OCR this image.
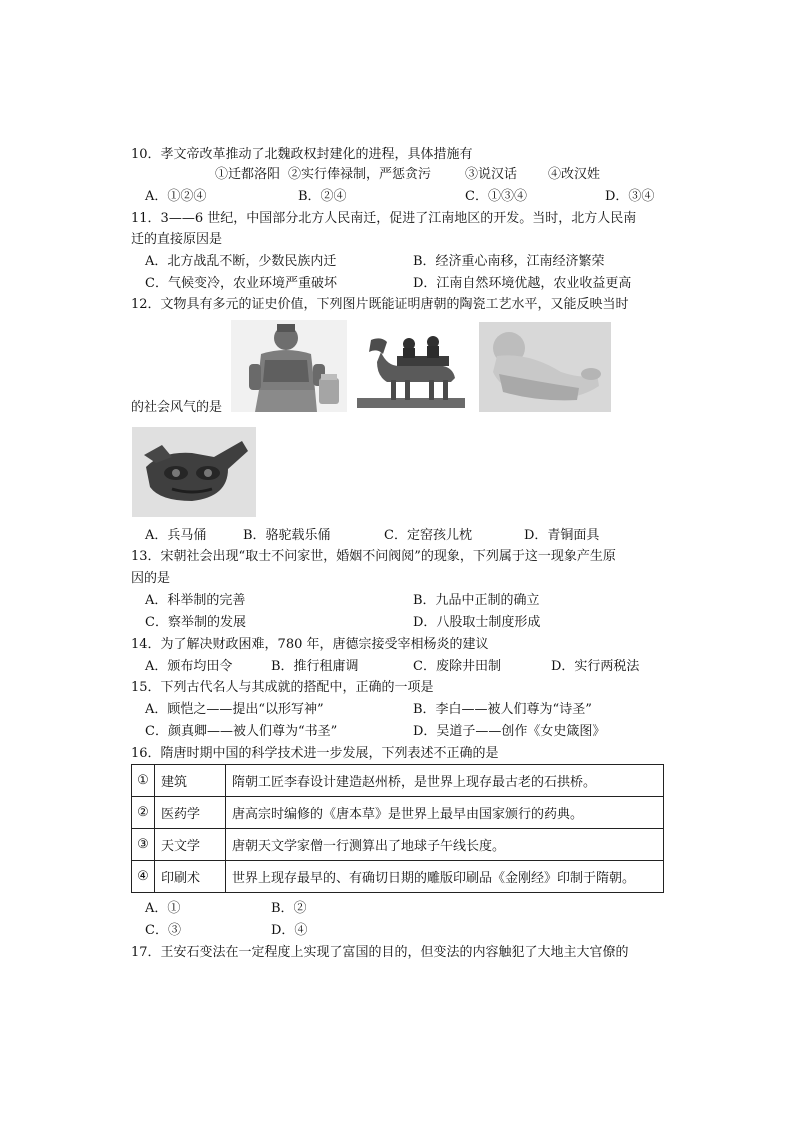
10．孝文帝改革推动了北魏政权封建化的进程，具体措施有
①迁都洛阳 ②实行俸禄制，严惩贪污	③说汉话 ④改汉姓
A．①②④	B．②④	C．①③④	D．③④
11．3——6 世纪，中国部分北方人民南迁，促进了江南地区的开发。当时，北方人民南
迁的直接原因是
A．北方战乱不断，少数民族内迁	B．经济重心南移，江南经济繁荣
C．气候变冷，农业环境严重破坏	D．江南自然环境优越，农业收益更高
12．文物具有多元的证史价值，下列图片既能证明唐朝的陶瓷工艺水平，又能反映当时
的社会风气的是
A．兵马俑	B．骆驼载乐俑	C．定窑孩儿枕	D．青铜面具
13．宋朝社会出现“取士不问家世，婚姻不问阀阅”的现象，下列属于这一现象产生原
因的是
A．科举制的完善	B．九品中正制的确立
C．察举制的发展	D．八股取士制度形成
14．为了解决财政困难，780 年，唐德宗接受宰相杨炎的建议
A．颁布均田令	B．推行租庸调	C．废除井田制	D．实行两税法
15．下列古代名人与其成就的搭配中，正确的一项是
A．顾恺之——提出“以形写神”	B．李白——被人们尊为“诗圣”
C．颜真卿——被人们尊为“书圣”	D．吴道子——创作《女史箴图》
16．隋唐时期中国的科学技术进一步发展，下列表述不正确的是
①	建筑	隋朝工匠李春设计建造赵州桥，是世界上现存最古老的石拱桥。
②	医药学	唐高宗时编修的《唐本草》是世界上最早由国家颁行的药典。
③	天文学	唐朝天文学家僧一行测算出了地球子午线长度。
④	印刷术	世界上现存最早的、有确切日期的雕版印刷品《金刚经》印制于隋朝。
A．①	B．②
C．③	D．④
17．王安石变法在一定程度上实现了富国的目的，但变法的内容触犯了大地主大官僚的
